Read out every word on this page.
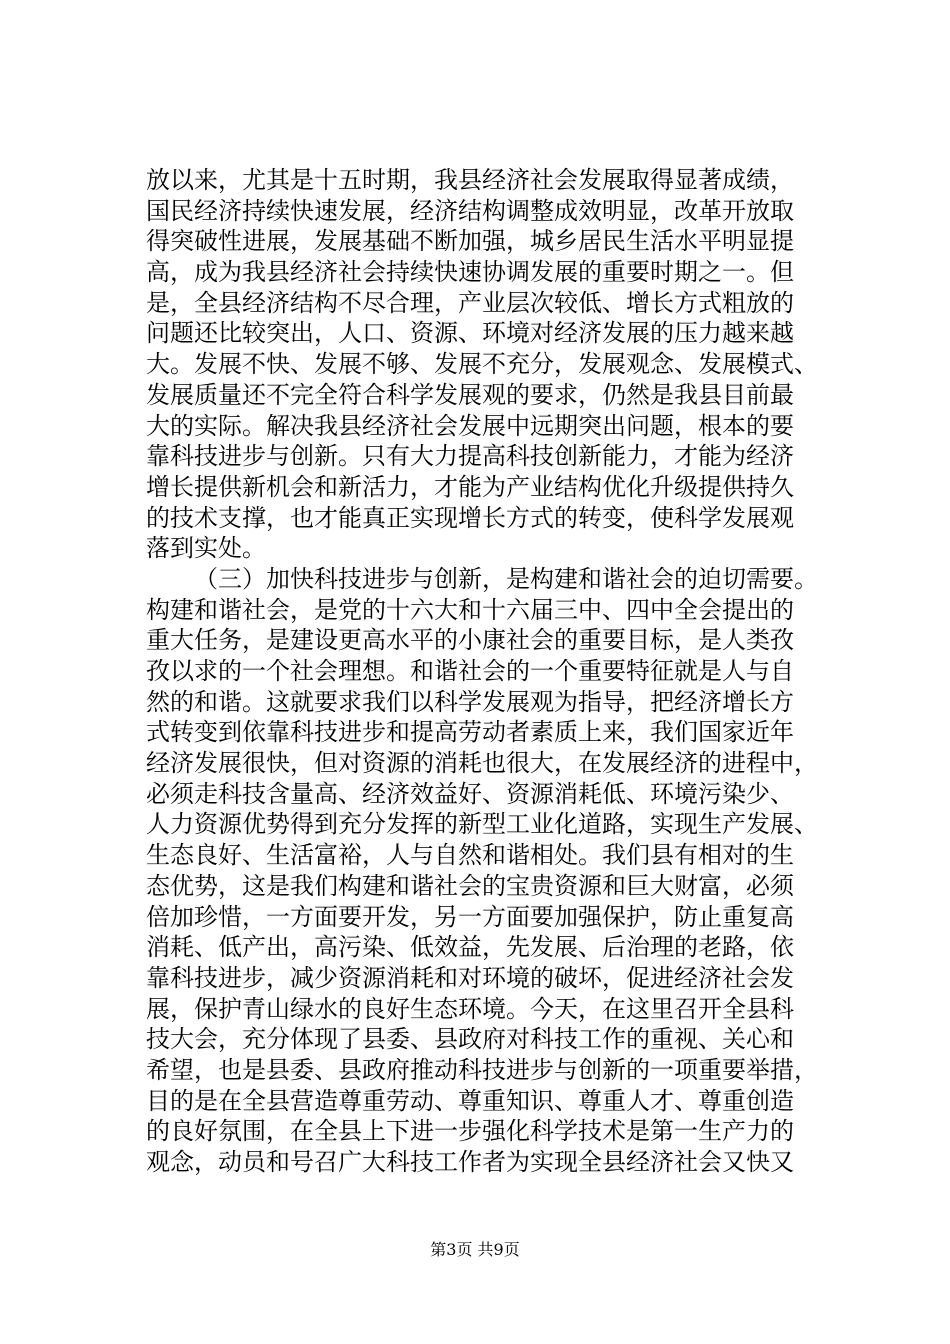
放以来，尤其是十五时期，我县经济社会发展取得显著成绩，
国民经济持续快速发展，经济结构调整成效明显，改革开放取
得突破性进展，发展基础不断加强，城乡居民生活水平明显提
高，成为我县经济社会持续快速协调发展的重要时期之一。但
是，全县经济结构不尽合理，产业层次较低、增长方式粗放的
问题还比较突出，人口、资源、环境对经济发展的压力越来越
大。发展不快、发展不够、发展不充分，发展观念、发展模式、
发展质量还不完全符合科学发展观的要求，仍然是我县目前最
大的实际。解决我县经济社会发展中远期突出问题，根本的要
靠科技进步与创新。只有大力提高科技创新能力，才能为经济
增长提供新机会和新活力，才能为产业结构优化升级提供持久
的技术支撑，也才能真正实现增长方式的转变，使科学发展观
落到实处。
（三）加快科技进步与创新，是构建和谐社会的迫切需要。
构建和谐社会，是党的十六大和十六届三中、四中全会提出的
重大任务，是建设更高水平的小康社会的重要目标，是人类孜
孜以求的一个社会理想。和谐社会的一个重要特征就是人与自
然的和谐。这就要求我们以科学发展观为指导，把经济增长方
式转变到依靠科技进步和提高劳动者素质上来，我们国家近年
经济发展很快，但对资源的消耗也很大，在发展经济的进程中，
必须走科技含量高、经济效益好、资源消耗低、环境污染少、
人力资源优势得到充分发挥的新型工业化道路，实现生产发展、
生态良好、生活富裕，人与自然和谐相处。我们县有相对的生
态优势，这是我们构建和谐社会的宝贵资源和巨大财富，必须
倍加珍惜，一方面要开发，另一方面要加强保护，防止重复高
消耗、低产出，高污染、低效益，先发展、后治理的老路，依
靠科技进步，减少资源消耗和对环境的破坏，促进经济社会发
展，保护青山绿水的良好生态环境。今天，在这里召开全县科
技大会，充分体现了县委、县政府对科技工作的重视、关心和
希望，也是县委、县政府推动科技进步与创新的一项重要举措，
目的是在全县营造尊重劳动、尊重知识、尊重人才、尊重创造
的良好氛围，在全县上下进一步强化科学技术是第一生产力的
观念，动员和号召广大科技工作者为实现全县经济社会又快又
第3页 共9页
